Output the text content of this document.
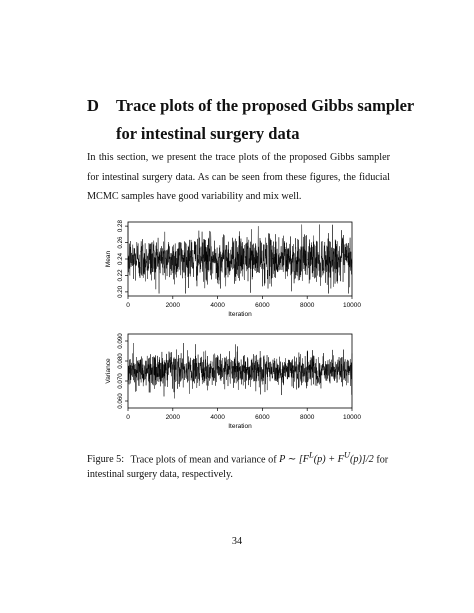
D Trace plots of the proposed Gibbs sampler
for intestinal surgery data

In this section, we present the trace plots of the proposed Gibbs sampler for intestinal surgery data. As can be seen from these figures, the fiducial MCMC samples have good variability and mix well.

0	2000	4000	6000	8000	10000
Iteration
0.20
0.22
0.24
0.26
0.28
Mean
0	2000	4000	6000	8000	10000
Iteration
0.060
0.070
0.080
0.090
Variance
Figure 5: Trace plots of mean and variance of P ∼ $[F^L(p) + F^U(p)]/2$ for intestinal surgery data, respectively.
34
